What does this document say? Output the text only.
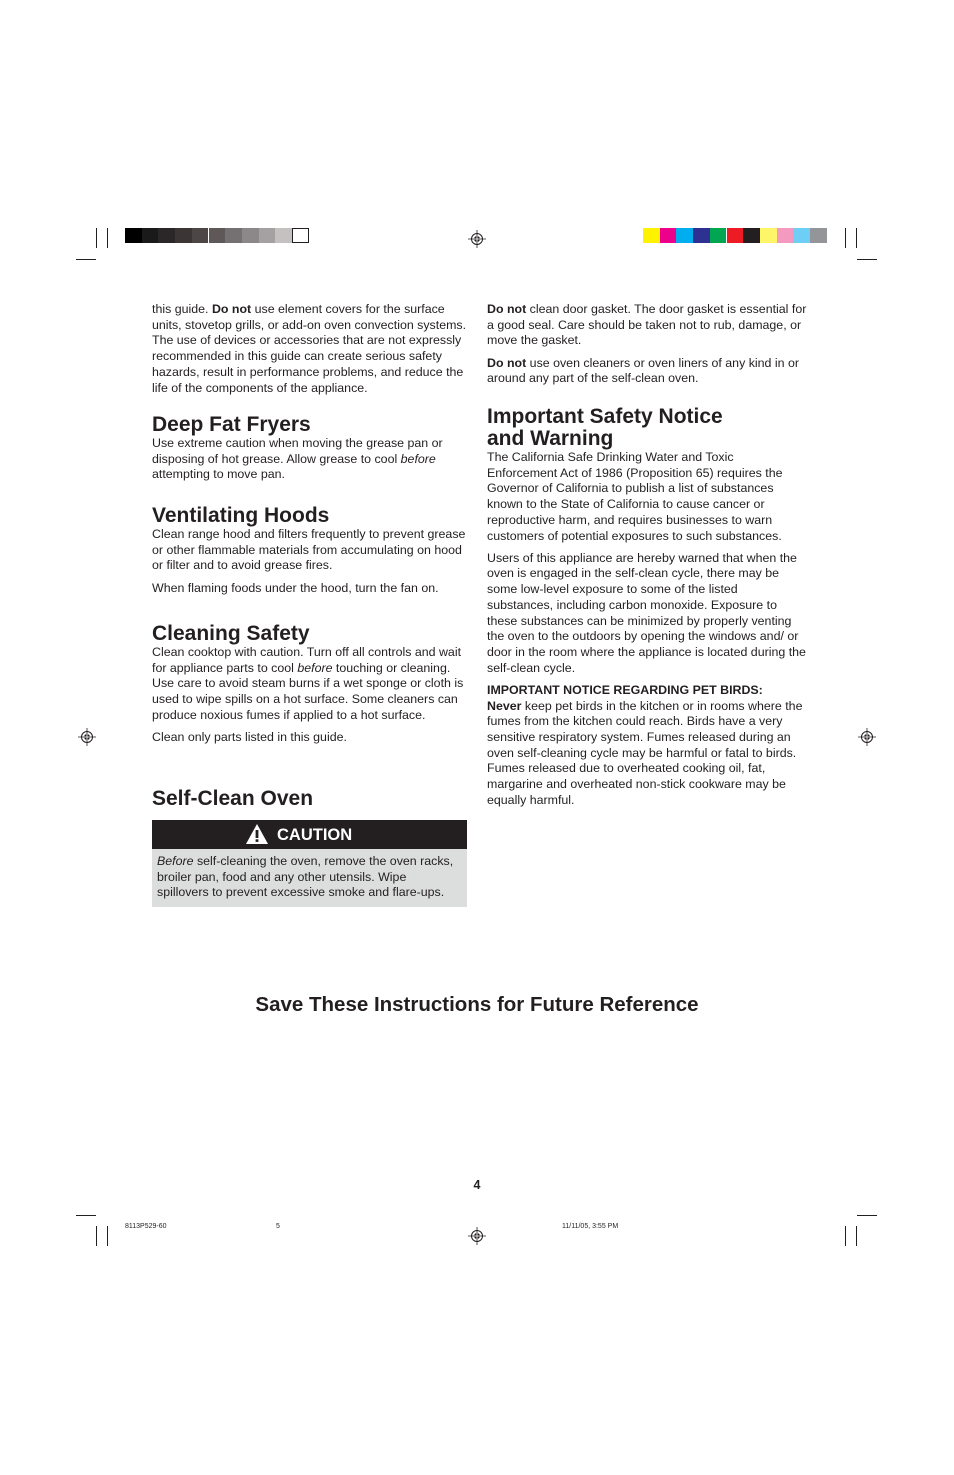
this guide. Do not use element covers for the surface units, stovetop grills, or add-on oven convection systems. The use of devices or accessories that are not expressly recommended in this guide can create serious safety hazards, result in performance problems, and reduce the life of the components of the appliance.

Deep Fat Fryers

Use extreme caution when moving the grease pan or disposing of hot grease. Allow grease to cool before attempting to move pan.

Ventilating Hoods

Clean range hood and filters frequently to prevent grease or other flammable materials from accumulating on hood or filter and to avoid grease fires.

When flaming foods under the hood, turn the fan on.

Cleaning Safety

Clean cooktop with caution. Turn off all controls and wait for appliance parts to cool before touching or cleaning. Use care to avoid steam burns if a wet sponge or cloth is used to wipe spills on a hot surface. Some cleaners can produce noxious fumes if applied to a hot surface.

Clean only parts listed in this guide.

Self-Clean Oven
CAUTION
Before self-cleaning the oven, remove the oven racks, broiler pan, food and any other utensils. Wipe spillovers to prevent excessive smoke and flare-ups.

Do not clean door gasket. The door gasket is essential for a good seal. Care should be taken not to rub, damage, or move the gasket.

Do not use oven cleaners or oven liners of any kind in or around any part of the self-clean oven.

Important Safety Notice
and Warning

The California Safe Drinking Water and Toxic Enforcement Act of 1986 (Proposition 65) requires the Governor of California to publish a list of substances known to the State of California to cause cancer or reproductive harm, and requires businesses to warn customers of potential exposures to such substances.

Users of this appliance are hereby warned that when the oven is engaged in the self-clean cycle, there may be some low-level exposure to some of the listed substances, including carbon monoxide. Exposure to these substances can be minimized by properly venting the oven to the outdoors by opening the windows and/ or door in the room where the appliance is located during the self-clean cycle.

IMPORTANT NOTICE REGARDING PET BIRDS:

Never keep pet birds in the kitchen or in rooms where the fumes from the kitchen could reach. Birds have a very sensitive respiratory system. Fumes released during an oven self-cleaning cycle may be harmful or fatal to birds. Fumes released due to overheated cooking oil, fat, margarine and overheated non-stick cookware may be equally harmful.

Save These Instructions for Future Reference
4
8113P529-60	5	11/11/05, 3:55 PM
